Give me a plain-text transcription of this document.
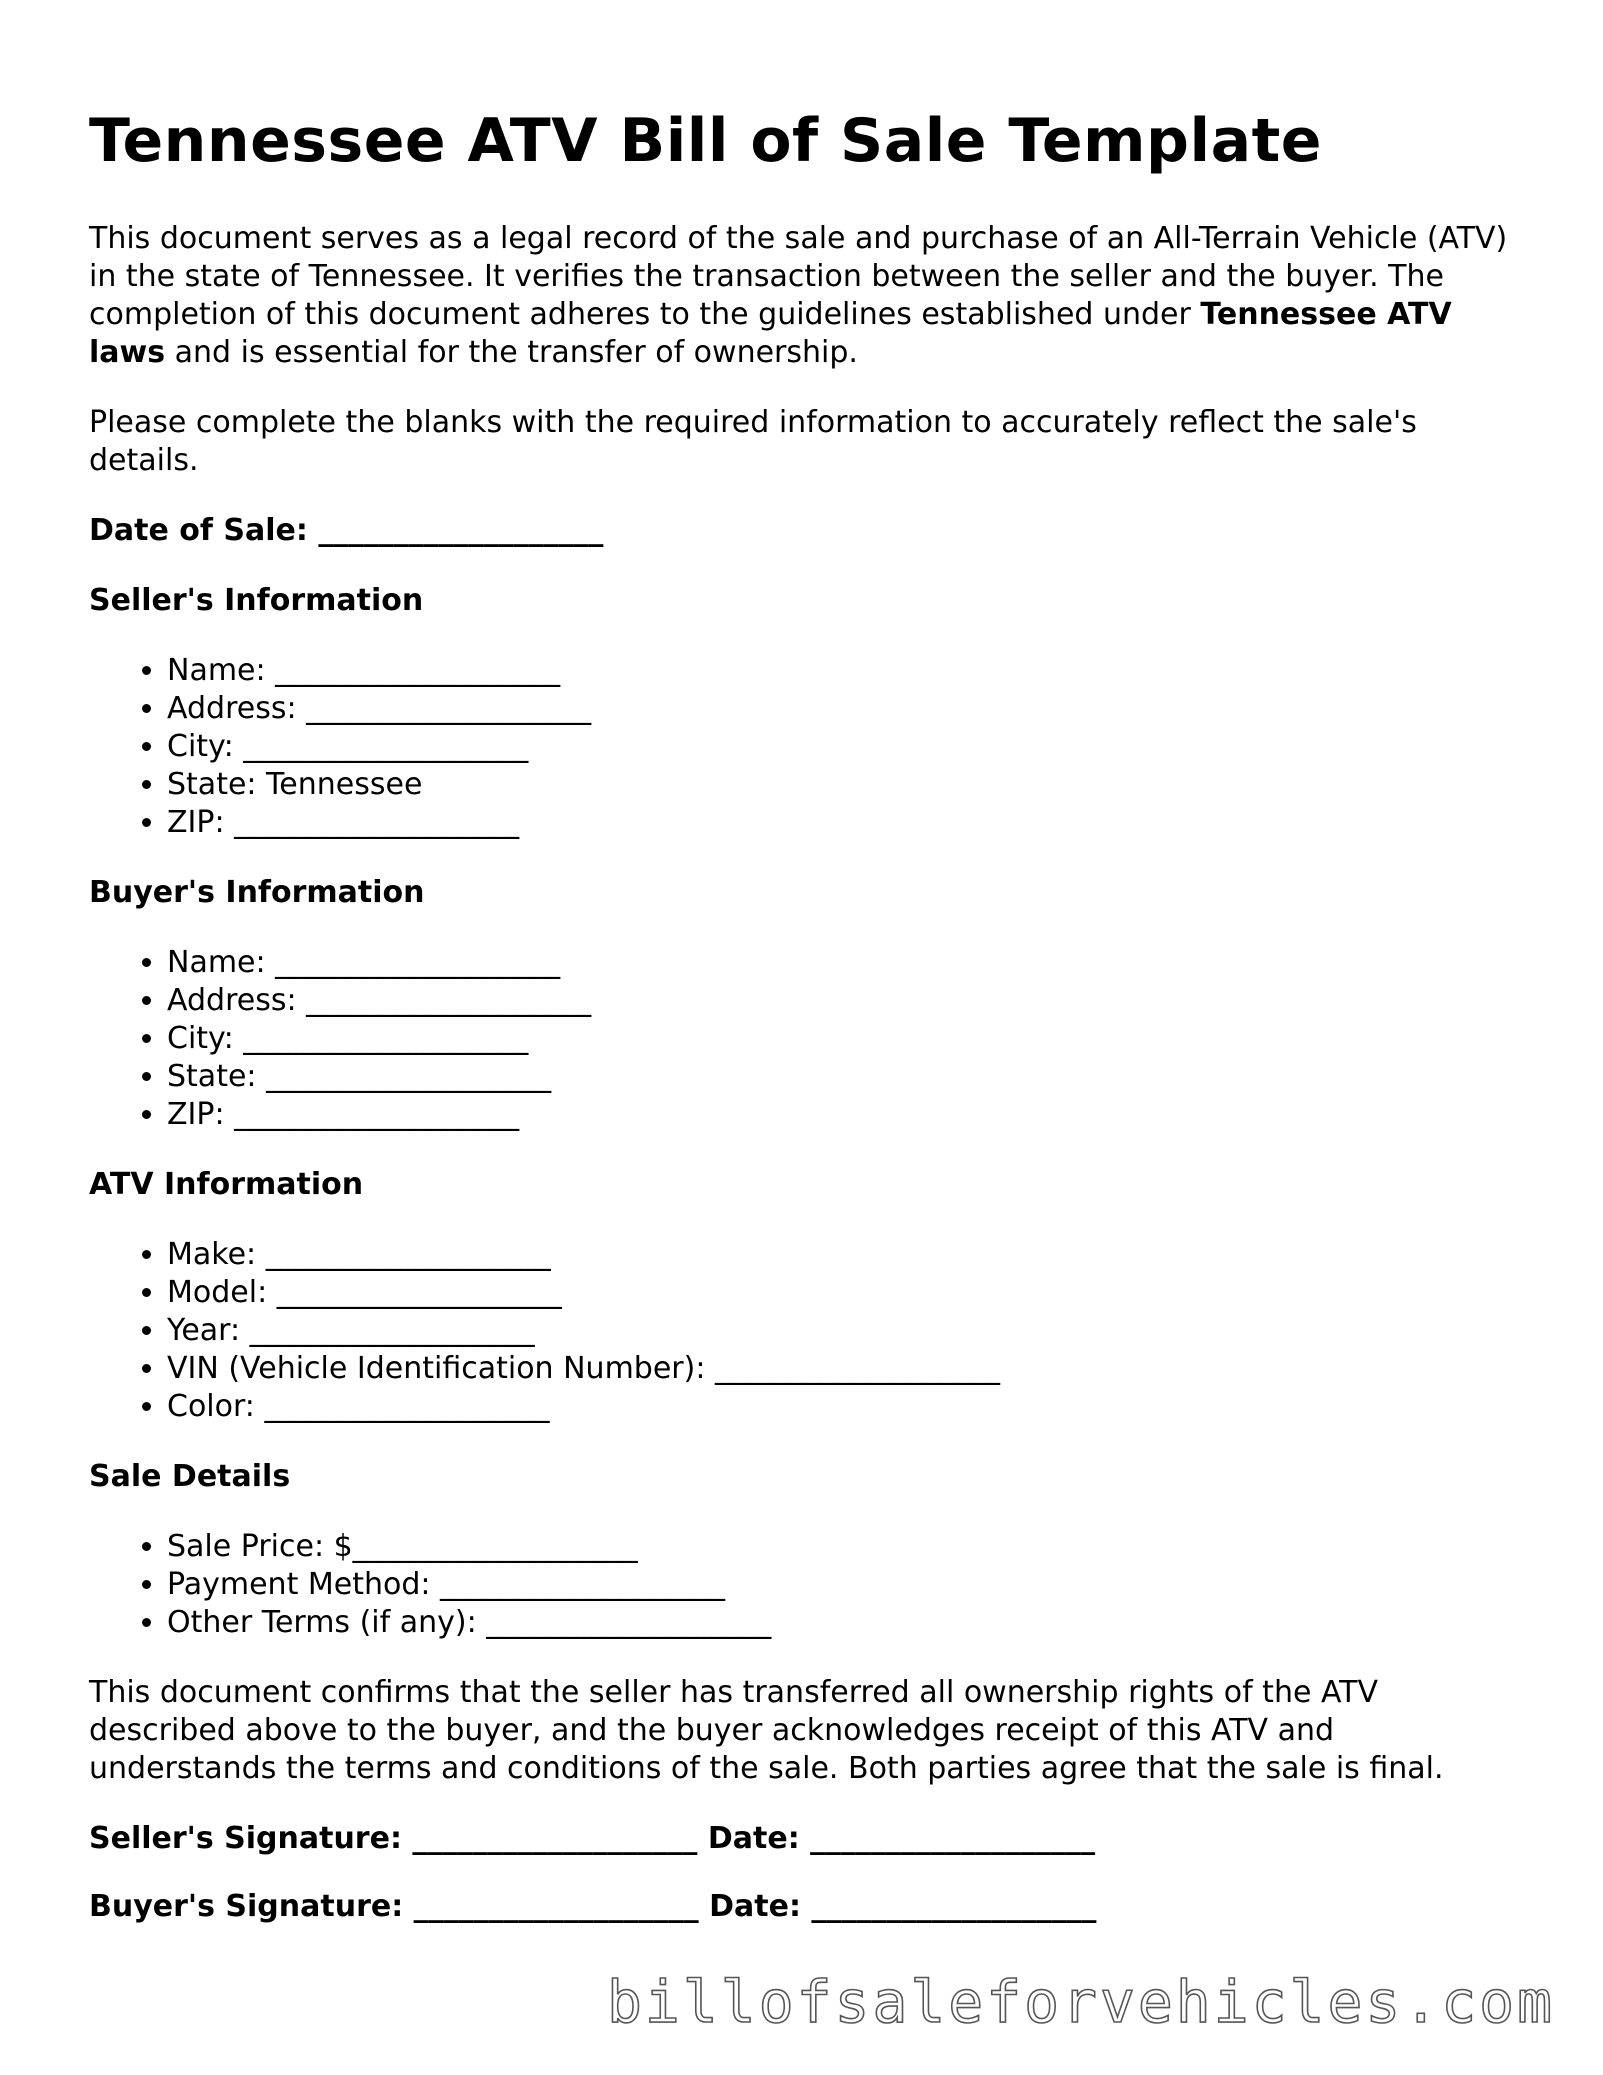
Tennessee ATV Bill of Sale Template

This document serves as a legal record of the sale and purchase of an All-Terrain Vehicle (ATV) in the state of Tennessee. It verifies the transaction between the seller and the buyer. The completion of this document adheres to the guidelines established under Tennessee ATV laws and is essential for the transfer of ownership.

Please complete the blanks with the required information to accurately reflect the sale's details.

Date of Sale: ___________________
Seller's Information
• Name: ___________________
• Address: ___________________
• City: ___________________
• State: Tennessee
• ZIP: ___________________
Buyer's Information
• Name: ___________________
• Address: ___________________
• City: ___________________
• State: ___________________
• ZIP: ___________________
ATV Information
• Make: ___________________
• Model: ___________________
• Year: ___________________
• VIN (Vehicle Identification Number): ___________________
• Color: ___________________
Sale Details
• Sale Price: $___________________
• Payment Method: ___________________
• Other Terms (if any): ___________________

This document confirms that the seller has transferred all ownership rights of the ATV described above to the buyer, and the buyer acknowledges receipt of this ATV and understands the terms and conditions of the sale. Both parties agree that the sale is final.

Seller's Signature: ___________________ Date: ___________________
Buyer's Signature: ___________________ Date: ___________________
billofsaleforvehicles.com
